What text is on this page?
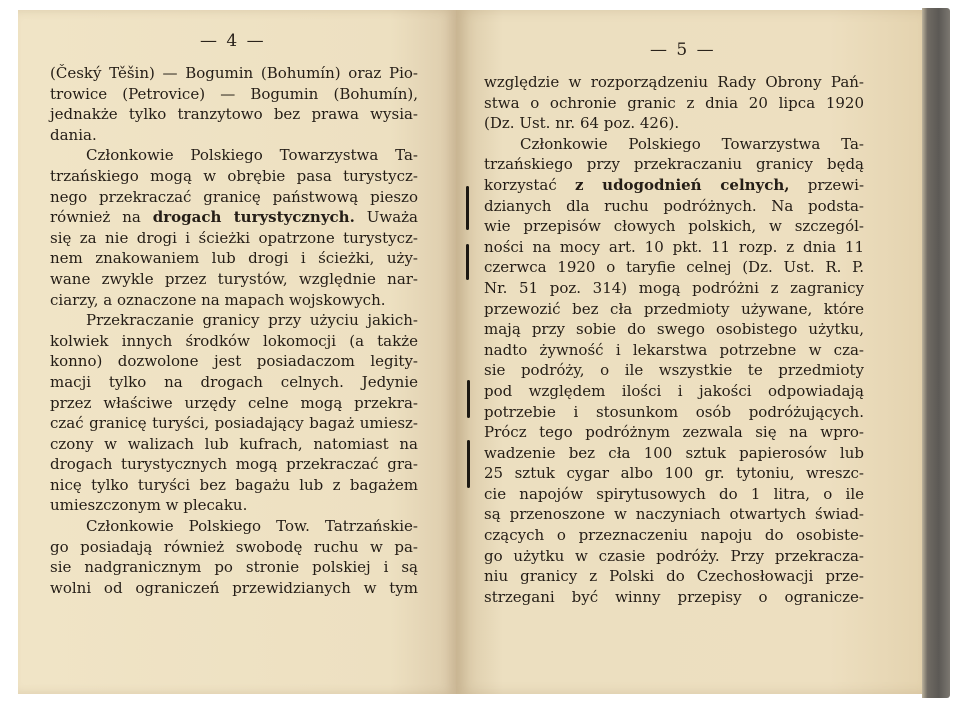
— 4 —	— 5 —
(Český Těšin) — Bogumin (Bohumín) oraz Pio-
trowice (Petrovice) — Bogumin (Bohumín),
jednakże tylko tranzytowo bez prawa wysia-
dania.
Członkowie Polskiego Towarzystwa Ta-
trzańskiego mogą w obrębie pasa turystycz-
nego przekraczać granicę państwową pieszo
również na drogach turystycznych. Uważa
się za nie drogi i ścieżki opatrzone turystycz-
nem znakowaniem lub drogi i ścieżki, uży-
wane zwykle przez turystów, względnie nar-
ciarzy, a oznaczone na mapach wojskowych.
Przekraczanie granicy przy użyciu jakich-
kolwiek innych środków lokomocji (a także
konno) dozwolone jest posiadaczom legity-
macji tylko na drogach celnych. Jedynie
przez właściwe urzędy celne mogą przekra-
czać granicę turyści, posiadający bagaż umiesz-
czony w walizach lub kufrach, natomiast na
drogach turystycznych mogą przekraczać gra-
nicę tylko turyści bez bagażu lub z bagażem
umieszczonym w plecaku.
Członkowie Polskiego Tow. Tatrzańskie-
go posiadają również swobodę ruchu w pa-
sie nadgranicznym po stronie polskiej i są
wolni od ograniczeń przewidzianych w tym
względzie w rozporządzeniu Rady Obrony Pań-
stwa o ochronie granic z dnia 20 lipca 1920
(Dz. Ust. nr. 64 poz. 426).
Członkowie Polskiego Towarzystwa Ta-
trzańskiego przy przekraczaniu granicy będą
korzystać z udogodnień celnych, przewi-
dzianych dla ruchu podróżnych. Na podsta-
wie przepisów cłowych polskich, w szczegól-
ności na mocy art. 10 pkt. 11 rozp. z dnia 11
czerwca 1920 o taryfie celnej (Dz. Ust. R. P.
Nr. 51 poz. 314) mogą podróżni z zagranicy
przewozić bez cła przedmioty używane, które
mają przy sobie do swego osobistego użytku,
nadto żywność i lekarstwa potrzebne w cza-
sie podróży, o ile wszystkie te przedmioty
pod względem ilości i jakości odpowiadają
potrzebie i stosunkom osób podróżujących.
Prócz tego podróżnym zezwala się na wpro-
wadzenie bez cła 100 sztuk papierosów lub
25 sztuk cygar albo 100 gr. tytoniu, wreszc-
cie napojów spirytusowych do 1 litra, o ile
są przenoszone w naczyniach otwartych świad-
czących o przeznaczeniu napoju do osobiste-
go użytku w czasie podróży. Przy przekracza-
niu granicy z Polski do Czechosłowacji prze-
strzegani być winny przepisy o ogranicze-
